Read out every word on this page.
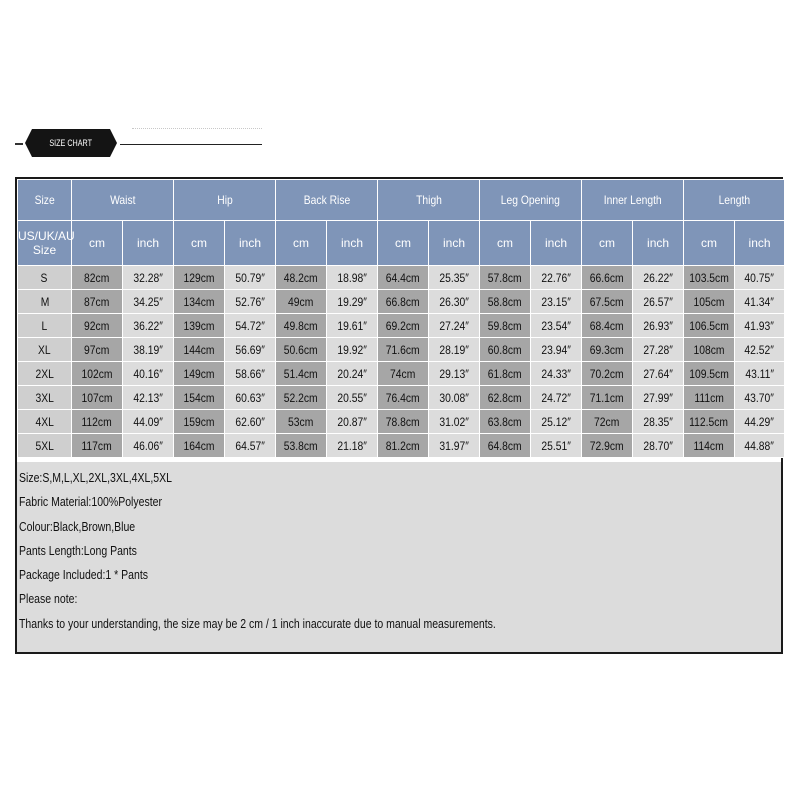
SIZE CHART
Size	Waist		Hip		Back Rise		Thigh		Leg Opening		Inner Length		Length	
US/UK/AU Size	cm	inch	cm	inch	cm	inch	cm	inch	cm	inch	cm	inch	cm	inch
S	82cm	32.28″	129cm	50.79″	48.2cm	18.98″	64.4cm	25.35″	57.8cm	22.76″	66.6cm	26.22″	103.5cm	40.75″
M	87cm	34.25″	134cm	52.76″	49cm	19.29″	66.8cm	26.30″	58.8cm	23.15″	67.5cm	26.57″	105cm	41.34″
L	92cm	36.22″	139cm	54.72″	49.8cm	19.61″	69.2cm	27.24″	59.8cm	23.54″	68.4cm	26.93″	106.5cm	41.93″
XL	97cm	38.19″	144cm	56.69″	50.6cm	19.92″	71.6cm	28.19″	60.8cm	23.94″	69.3cm	27.28″	108cm	42.52″
2XL	102cm	40.16″	149cm	58.66″	51.4cm	20.24″	74cm	29.13″	61.8cm	24.33″	70.2cm	27.64″	109.5cm	43.11″
3XL	107cm	42.13″	154cm	60.63″	52.2cm	20.55″	76.4cm	30.08″	62.8cm	24.72″	71.1cm	27.99″	111cm	43.70″
4XL	112cm	44.09″	159cm	62.60″	53cm	20.87″	78.8cm	31.02″	63.8cm	25.12″	72cm	28.35″	112.5cm	44.29″
5XL	117cm	46.06″	164cm	64.57″	53.8cm	21.18″	81.2cm	31.97″	64.8cm	25.51″	72.9cm	28.70″	114cm	44.88″

Size:S,M,L,XL,2XL,3XL,4XL,5XL

Fabric Material:100%Polyester

Colour:Black,Brown,Blue

Pants Length:Long Pants

Package Included:1 * Pants

Please note:

Thanks to your understanding, the size may be 2 cm / 1 inch inaccurate due to manual measurements.
